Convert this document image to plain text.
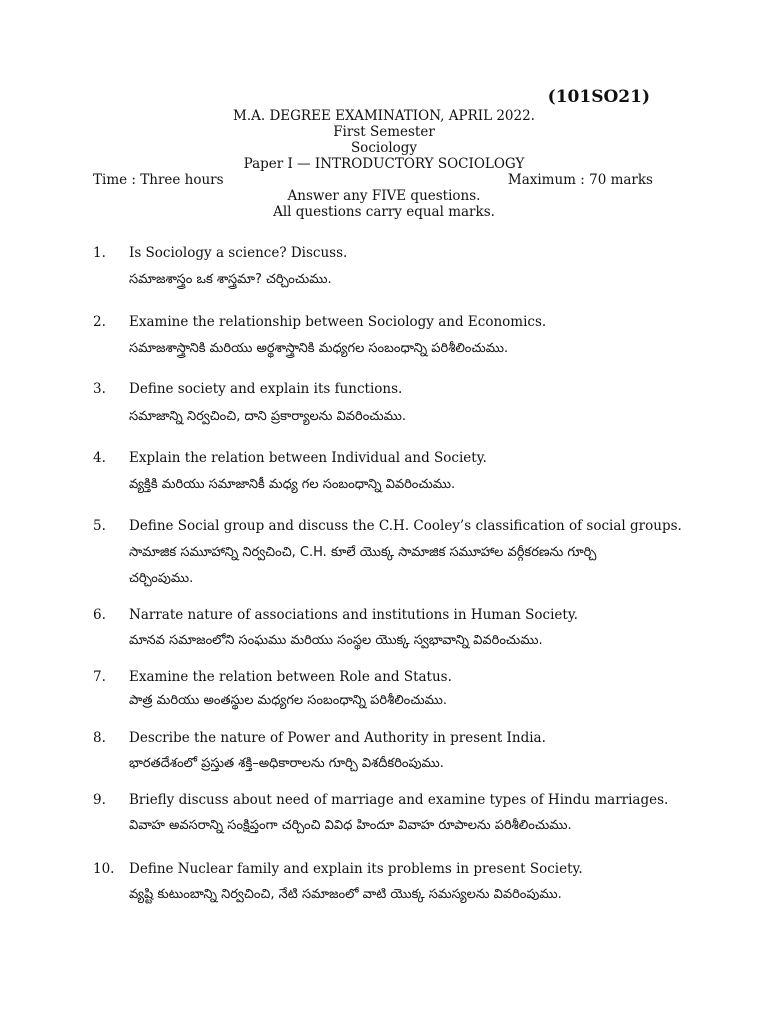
(101SO21)
M.A. DEGREE EXAMINATION, APRIL 2022.
First Semester
Sociology
Paper I — INTRODUCTORY SOCIOLOGY
Time : Three hours	Maximum : 70 marks
Answer any FIVE questions.
All questions carry equal marks.
1. Is Sociology a science? Discuss.
సమాజశాస్త్రం ఒక శాస్త్రమా? చర్చించుము.
2. Examine the relationship between Sociology and Economics.
సమాజశాస్త్రానికి మరియు అర్థశాస్త్రానికి మధ్యగల సంబంధాన్ని పరిశీలించుము.
3. Define society and explain its functions.
సమాజాన్ని నిర్వచించి, దాని ప్రకార్యాలను వివరించుము.
4. Explain the relation between Individual and Society.
వ్యక్తికి మరియు సమాజానికీ మధ్య గల సంబంధాన్ని వివరించుము.
5. Define Social group and discuss the C.H. Cooley’s classification of social groups.
సామాజిక సమూహాన్ని నిర్వచించి, C.H. కూలే యొక్క సామాజిక సమూహాల వర్గీకరణను గూర్చి చర్చింపుము.
6. Narrate nature of associations and institutions in Human Society.
మానవ సమాజంలోని సంఘము మరియు సంస్థల యొక్క స్వభావాన్ని వివరించుము.
7. Examine the relation between Role and Status.
పాత్ర మరియు అంతస్థుల మధ్యగల సంబంధాన్ని పరిశీలించుము.
8. Describe the nature of Power and Authority in present India.
భారతదేశంలో ప్రస్తుత శక్తి–అధికారాలను గూర్చి విశదీకరింపుము.
9. Briefly discuss about need of marriage and examine types of Hindu marriages.
వివాహ అవసరాన్ని సంక్షిప్తంగా చర్చించి వివిధ హిందూ వివాహ రూపాలను పరిశీలించుము.
10. Define Nuclear family and explain its problems in present Society.
వ్యష్టి కుటుంబాన్ని నిర్వచించి, నేటి సమాజంలో వాటి యొక్క సమస్యలను వివరింపుము.
